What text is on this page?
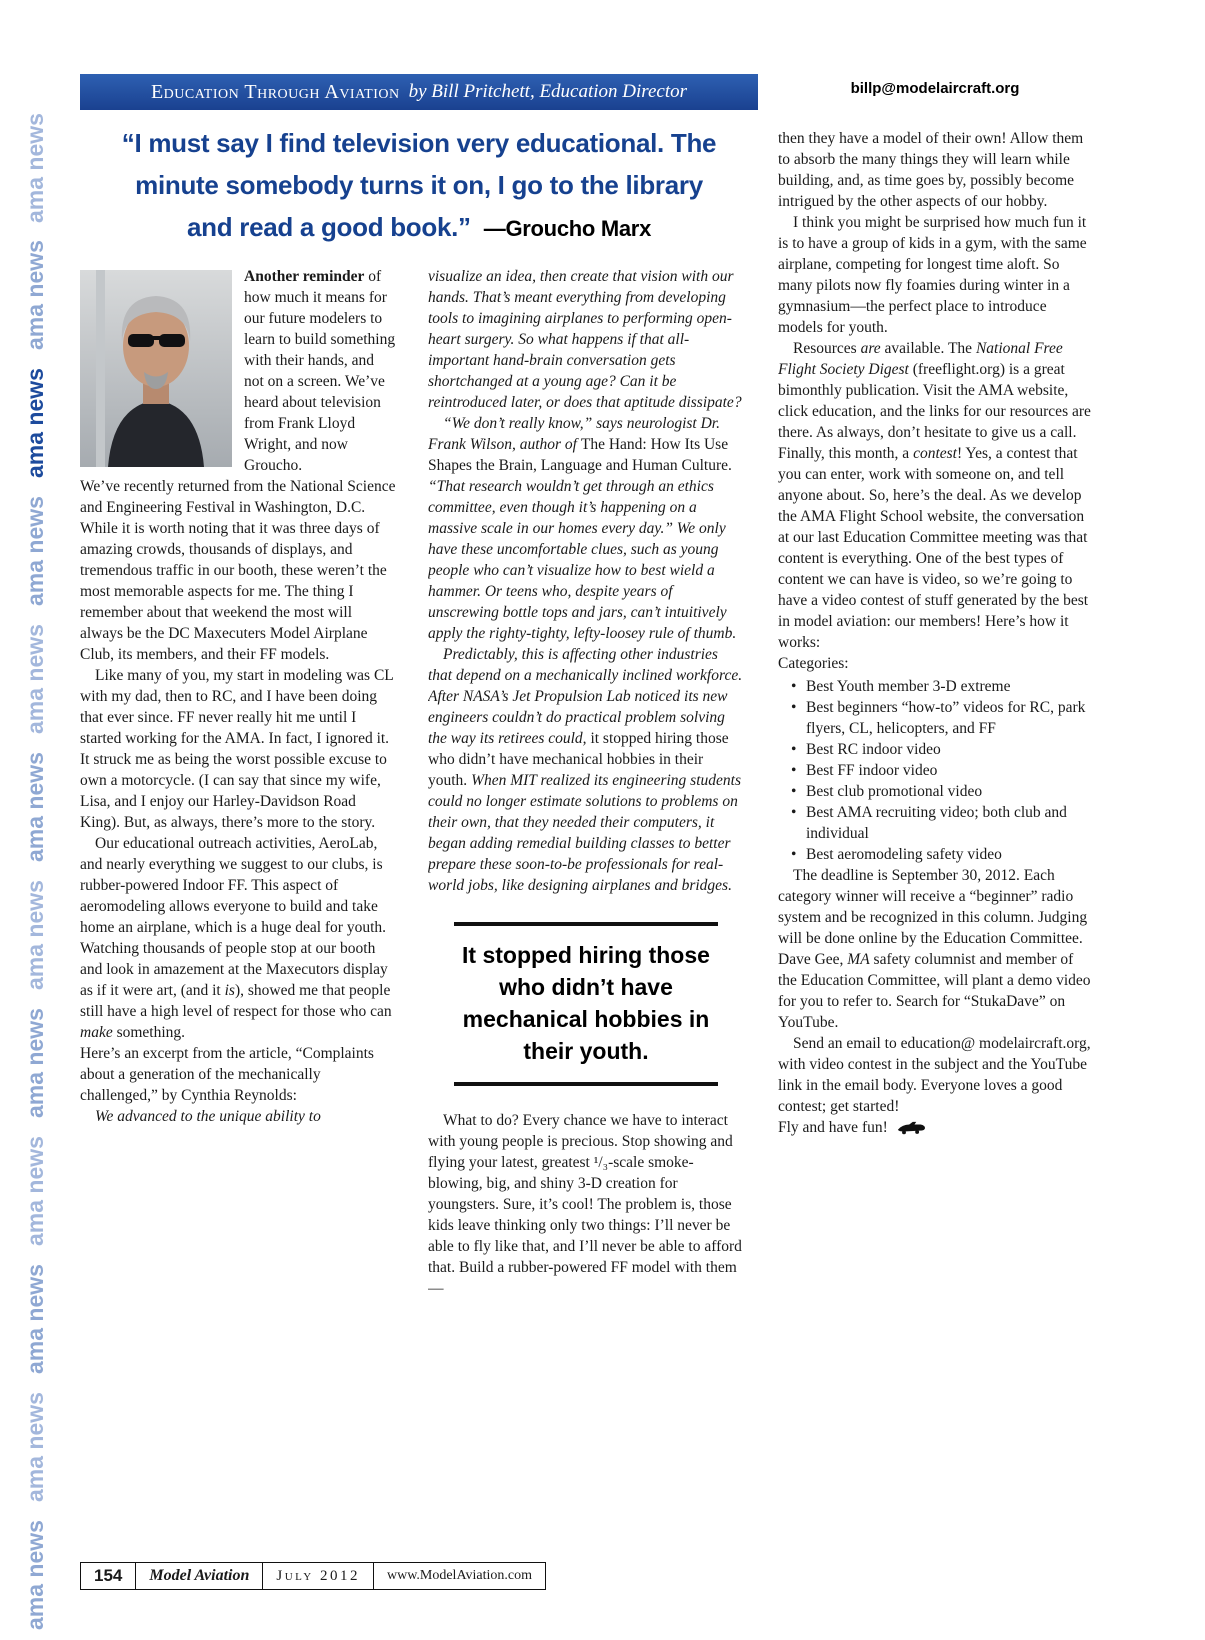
ama newsama newsama newsama newsama newsama newsama newsama newsama newsama newsama newsama news
Education Through Aviation by Bill Pritchett, Education Director	billp@modelaircraft.org
“I must say I find television very educational. The
minute somebody turns it on, I go to the library
and read a good book.” —Groucho Marx

Another reminder of how much it means for our future modelers to learn to build something with their hands, and not on a screen. We’ve heard about television from Frank Lloyd Wright, and now Groucho.

We’ve recently returned from the National Science and Engineering Festival in Washington, D.C. While it is worth noting that it was three days of amazing crowds, thousands of displays, and tremendous traffic in our booth, these weren’t the most memorable aspects for me. The thing I remember about that weekend the most will always be the DC Maxecuters Model Airplane Club, its members, and their FF models.

Like many of you, my start in modeling was CL with my dad, then to RC, and I have been doing that ever since. FF never really hit me until I started working for the AMA. In fact, I ignored it. It struck me as being the worst possible excuse to own a motorcycle. (I can say that since my wife, Lisa, and I enjoy our Harley-Davidson Road King). But, as always, there’s more to the story.

Our educational outreach activities, AeroLab, and nearly everything we suggest to our clubs, is rubber-powered Indoor FF. This aspect of aeromodeling allows everyone to build and take home an airplane, which is a huge deal for youth. Watching thousands of people stop at our booth and look in amazement at the Maxecutors display as if it were art, (and it is), showed me that people still have a high level of respect for those who can make something.

Here’s an excerpt from the article, “Complaints about a generation of the mechanically challenged,” by Cynthia Reynolds:

We advanced to the unique ability to

visualize an idea, then create that vision with our hands. That’s meant everything from developing tools to imagining airplanes to performing open-heart surgery. So what happens if that all-important hand-brain conversation gets shortchanged at a young age? Can it be reintroduced later, or does that aptitude dissipate?

“We don’t really know,” says neurologist Dr. Frank Wilson, author of The Hand: How Its Use Shapes the Brain, Language and Human Culture. “That research wouldn’t get through an ethics committee, even though it’s happening on a massive scale in our homes every day.” We only have these uncomfortable clues, such as young people who can’t visualize how to best wield a hammer. Or teens who, despite years of unscrewing bottle tops and jars, can’t intuitively apply the righty-tighty, lefty-loosey rule of thumb.

Predictably, this is affecting other industries that depend on a mechanically inclined workforce. After NASA’s Jet Propulsion Lab noticed its new engineers couldn’t do practical problem solving the way its retirees could, it stopped hiring those who didn’t have mechanical hobbies in their youth. When MIT realized its engineering students could no longer estimate solutions to problems on their own, that they needed their computers, it began adding remedial building classes to better prepare these soon-to-be professionals for real-world jobs, like designing airplanes and bridges.

It stopped hiring those who didn’t have mechanical hobbies in their youth.

What to do? Every chance we have to interact with young people is precious. Stop showing and flying your latest, greatest ¹/₃-scale smoke-blowing, big, and shiny 3-D creation for youngsters. Sure, it’s cool! The problem is, those kids leave thinking only two things: I’ll never be able to fly like that, and I’ll never be able to afford that. Build a rubber-powered FF model with them—

then they have a model of their own! Allow them to absorb the many things they will learn while building, and, as time goes by, possibly become intrigued by the other aspects of our hobby.

I think you might be surprised how much fun it is to have a group of kids in a gym, with the same airplane, competing for longest time aloft. So many pilots now fly foamies during winter in a gymnasium—the perfect place to introduce models for youth.

Resources are available. The National Free Flight Society Digest (freeflight.org) is a great bimonthly publication. Visit the AMA website, click education, and the links for our resources are there. As always, don’t hesitate to give us a call.

Finally, this month, a contest! Yes, a contest that you can enter, work with someone on, and tell anyone about. So, here’s the deal. As we develop the AMA Flight School website, the conversation at our last Education Committee meeting was that content is everything. One of the best types of content we can have is video, so we’re going to have a video contest of stuff generated by the best in model aviation: our members! Here’s how it works:

Categories:

• Best Youth member 3-D extreme
• Best beginners “how-to” videos for RC, park flyers, CL, helicopters, and FF
• Best RC indoor video
• Best FF indoor video
• Best club promotional video
• Best AMA recruiting video; both club and individual
• Best aeromodeling safety video

The deadline is September 30, 2012. Each category winner will receive a “beginner” radio system and be recognized in this column. Judging will be done online by the Education Committee. Dave Gee, MA safety columnist and member of the Education Committee, will plant a demo video for you to refer to. Search for “StukaDave” on YouTube.

Send an email to education@ modelaircraft.org, with video contest in the subject and the YouTube link in the email body. Everyone loves a good contest; get started!

Fly and have fun!

154 Model Aviation July 2012 www.ModelAviation.com
